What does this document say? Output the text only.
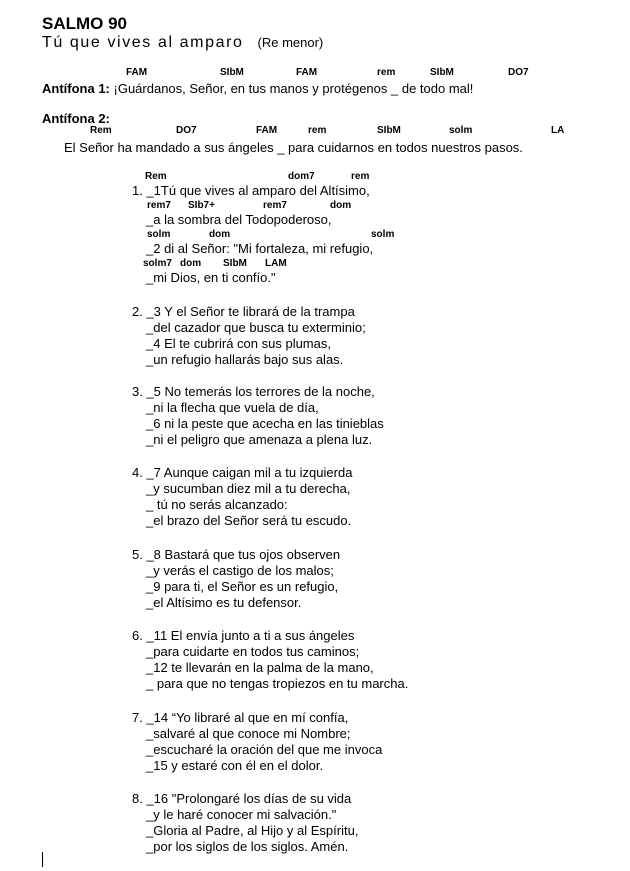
SALMO 90
Tú que vives al amparo (Re menor)
FAM	SIbM	FAM	rem	SIbM	DO7
Antífona 1: ¡Guárdanos, Señor, en tus manos y protégenos _ de todo mal!
Antífona 2:
Rem	DO7	FAM	rem	SIbM	solm	LA
El Señor ha mandado a sus ángeles _ para cuidarnos en todos nuestros pasos.
Rem	dom7	rem
1. _1Tú que vives al amparo del Altísimo,
rem7 SIb7+	rem7	dom
_a la sombra del Todopoderoso,
solm	dom	solm
_2 di al Señor: "Mi fortaleza, mi refugio,
solm7 dom SIbM LAM
_mi Dios, en ti confío."
2. _3 Y el Señor te librará de la trampa
_del cazador que busca tu exterminio;
_4 El te cubrirá con sus plumas,
_un refugio hallarás bajo sus alas.
3. _5 No temerás los terrores de la noche,
_ni la flecha que vuela de día,
_6 ni la peste que acecha en las tinieblas
_ni el peligro que amenaza a plena luz.
4. _7 Aunque caigan mil a tu izquierda
_y sucumban diez mil a tu derecha,
_ tú no serás alcanzado:
_el brazo del Señor será tu escudo.
5. _8 Bastará que tus ojos observen
_y verás el castigo de los malos;
_9 para ti, el Señor es un refugio,
_el Altísimo es tu defensor.
6. _11 El envía junto a ti a sus ángeles
_para cuidarte en todos tus caminos;
_12 te llevarán en la palma de la mano,
_ para que no tengas tropiezos en tu marcha.
7. _14 “Yo libraré al que en mí confía,
_salvaré al que conoce mi Nombre;
_escucharé la oración del que me invoca
_15 y estaré con él en el dolor.
8. _16 "Prolongaré los días de su vida
_y le haré conocer mi salvación."
_Gloria al Padre, al Hijo y al Espíritu,
_por los siglos de los siglos. Amén.
